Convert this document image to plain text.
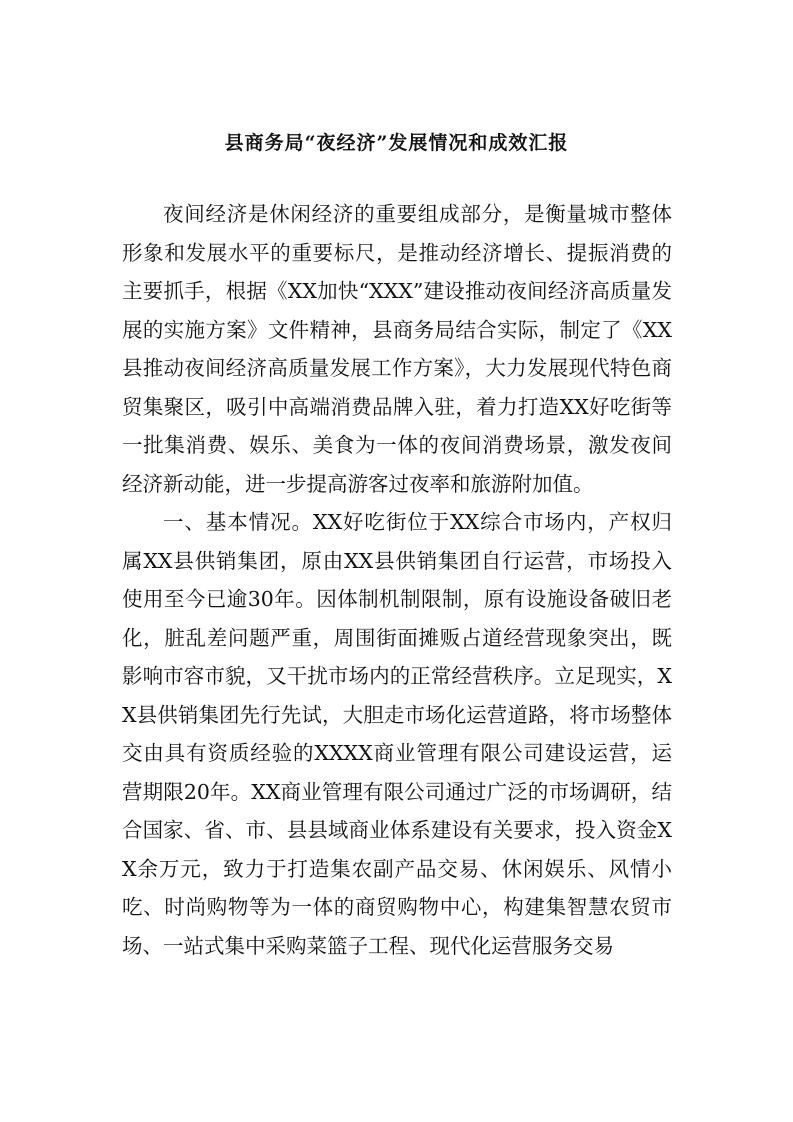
县商务局“夜经济”发展情况和成效汇报

夜间经济是休闲经济的重要组成部分，是衡量城市整体形象和发展水平的重要标尺，是推动经济增长、提振消费的主要抓手，根据《XX加快“XXX”建设推动夜间经济高质量发展的实施方案》文件精神，县商务局结合实际，制定了《XX县推动夜间经济高质量发展工作方案》，大力发展现代特色商贸集聚区，吸引中高端消费品牌入驻，着力打造XX好吃街等一批集消费、娱乐、美食为一体的夜间消费场景，激发夜间经济新动能，进一步提高游客过夜率和旅游附加值。

一、基本情况。XX好吃街位于XX综合市场内，产权归属XX县供销集团，原由XX县供销集团自行运营，市场投入使用至今已逾30年。因体制机制限制，原有设施设备破旧老化，脏乱差问题严重，周围街面摊贩占道经营现象突出，既影响市容市貌，又干扰市场内的正常经营秩序。立足现实，XX县供销集团先行先试，大胆走市场化运营道路，将市场整体交由具有资质经验的XXXX商业管理有限公司建设运营，运营期限20年。XX商业管理有限公司通过广泛的市场调研，结合国家、省、市、县县域商业体系建设有关要求，投入资金XX余万元，致力于打造集农副产品交易、休闲娱乐、风情小吃、时尚购物等为一体的商贸购物中心，构建集智慧农贸市场、一站式集中采购菜篮子工程、现代化运营服务交易
